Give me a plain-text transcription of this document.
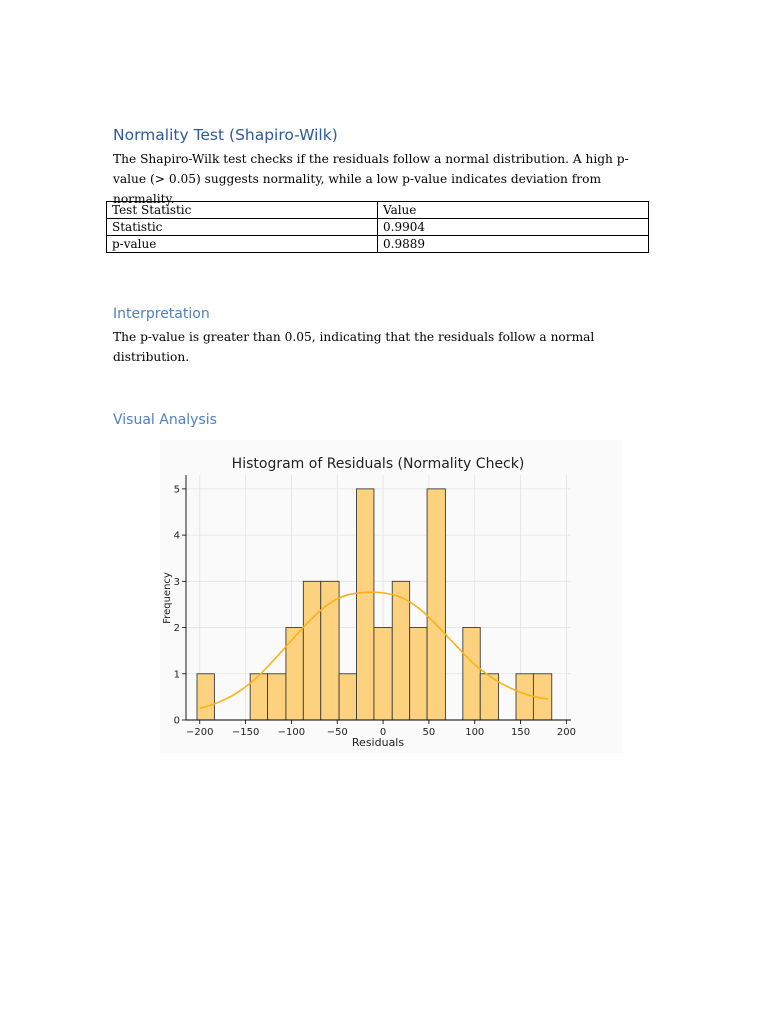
Normality Test (Shapiro-Wilk)

The Shapiro-Wilk test checks if the residuals follow a normal distribution. A high p-value (> 0.05) suggests normality, while a low p-value indicates deviation from normality.

Test Statistic	Value
Statistic	0.9904
p-value	0.9889
Interpretation

The p-value is greater than 0.05, indicating that the residuals follow a normal distribution.

Visual Analysis
Histogram of Residuals (Normality Check)
Residuals
Frequency
−200 −150 −100 −50	0	50	100	150	200
0
1
2
3
4
5
